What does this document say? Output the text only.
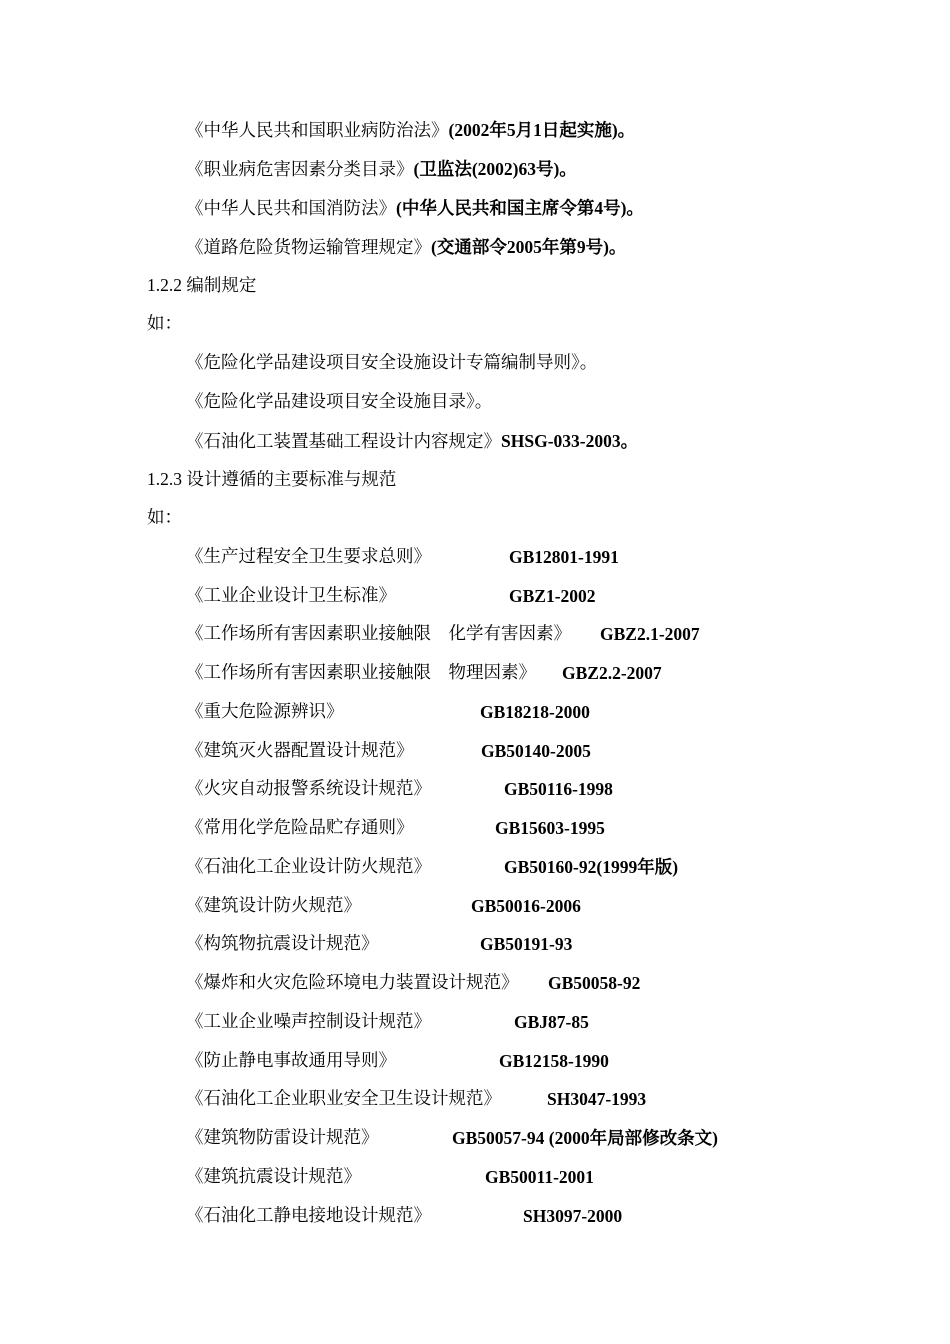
《中华人民共和国职业病防治法》(2002年5月1日起实施)。
《职业病危害因素分类目录》(卫监法(2002)63号)。
《中华人民共和国消防法》(中华人民共和国主席令第4号)。
《道路危险货物运输管理规定》(交通部令2005年第9号)。
1.2.2 编制规定
如：
《危险化学品建设项目安全设施设计专篇编制导则》。
《危险化学品建设项目安全设施目录》。
《石油化工装置基础工程设计内容规定》SHSG-033-2003。
1.2.3 设计遵循的主要标准与规范
如：
《生产过程安全卫生要求总则》	GB12801-1991
《工业企业设计卫生标准》	GBZ1-2002
《工作场所有害因素职业接触限　化学有害因素》 GBZ2.1-2007
《工作场所有害因素职业接触限　物理因素》 GBZ2.2-2007
《重大危险源辨识》	GB18218-2000
《建筑灭火器配置设计规范》	GB50140-2005
《火灾自动报警系统设计规范》	GB50116-1998
《常用化学危险品贮存通则》	GB15603-1995
《石油化工企业设计防火规范》	GB50160-92(1999年版)
《建筑设计防火规范》	GB50016-2006
《构筑物抗震设计规范》	GB50191-93
《爆炸和火灾危险环境电力装置设计规范》 GB50058-92
《工业企业噪声控制设计规范》	GBJ87-85
《防止静电事故通用导则》	GB12158-1990
《石油化工企业职业安全卫生设计规范》	SH3047-1993
《建筑物防雷设计规范》	GB50057-94 (2000年局部修改条文)
《建筑抗震设计规范》	GB50011-2001
《石油化工静电接地设计规范》	SH3097-2000
